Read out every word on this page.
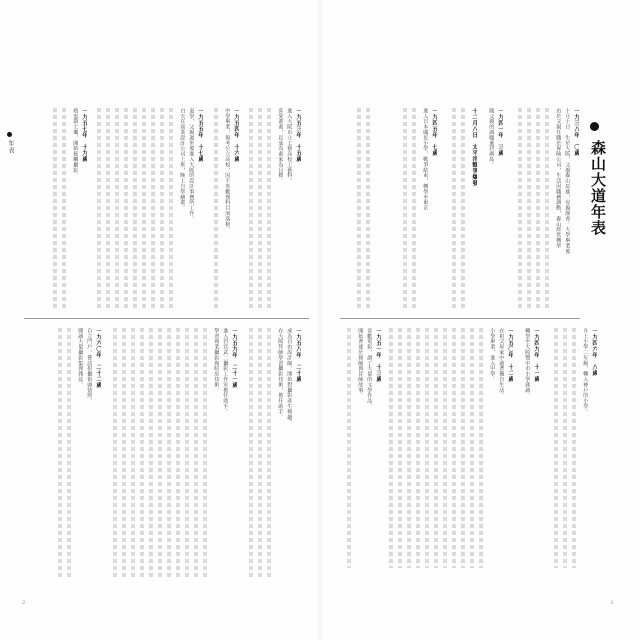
森山大道年表
年表
2	3
一九三八年　〇歲
十月十日　生於大阪，父親森山辰雄，母親靜香。大學畢業後
由於父親任職於保險公司，生活因職務調動，森山經常轉學
一九四一年　三歲
隨父親的調職遷居廣島。
十二月八日　太平洋戰爭爆發
一九四五年　七歲
進入日本國民小學，戰爭結束，轉學至東京
一九四六年　八歲
升上小學二年級，轉入神戶的小學。
一九四九年　十一歲
轉學至大阪豐中市小學就讀。
一九五〇年　十二歲
在祖父母家中過著獨自生活。
小學畢業，進入中學。
一九五一年　十三歲
喜歡電影，讀了大量的文學作品。
開始著迷於探險與冒險故事。
一九五三年　十五歲
進入大阪市立工藝高校工藝科。
喜愛畫畫，以成為畫家為目標。
一九五四年　十六歲
中學畢業，報考公立高校，因不喜數理科目而落榜。
一九五五年　十七歲
退學，父親過世後進入大阪的設計事務所工作。
白天在商業設計公司上班，晚上自學繪畫。
一九五七年　十九歲
熱衷爵士樂，開始接觸攝影。
一九五八年　二十歲
成為自由設計師，開始對攝影產生興趣。
在大阪拜師學習攝影技術，擔任助手。
一九五九年　二十一歲
進入岩宮武二攝影工作室擔任助手。
學習商業攝影與暗房技術。
一九六〇年　二十二歲
自立門戶，嘗試拍攝街頭快照。
閱讀大量攝影集與雜誌。
